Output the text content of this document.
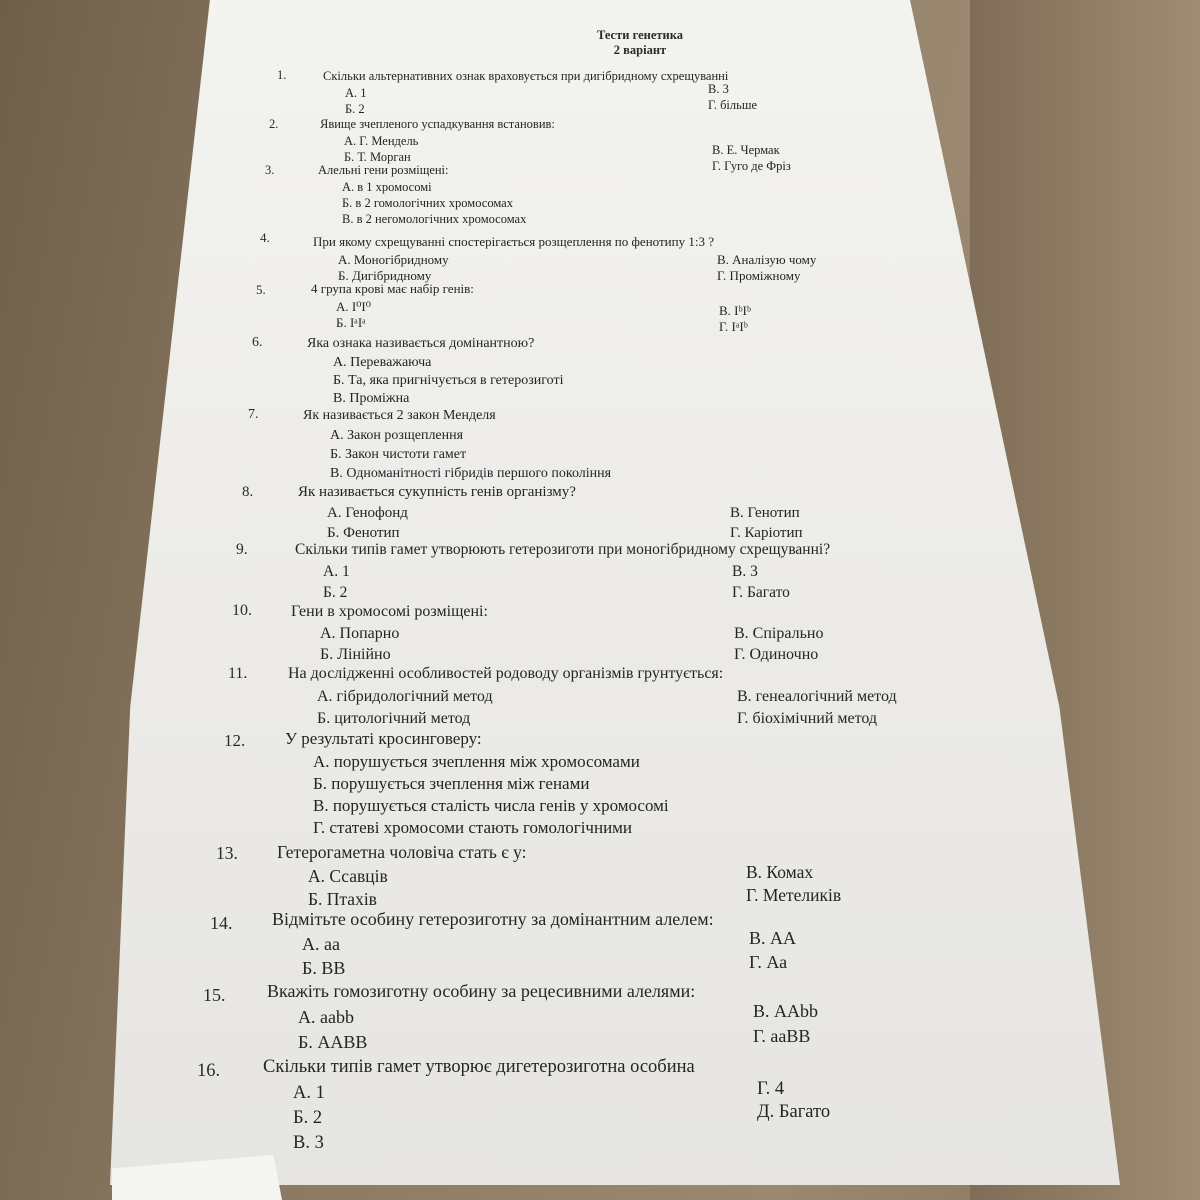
Тести генетика
2 варіант
1.	Скільки альтернативних ознак враховується при дигібридному схрещуванні
А. 1
Б. 2
В. 3
Г. більше
2.	Явище зчепленого успадкування встановив:
А. Г. Мендель
Б. Т. Морган	В. Е. Чермак
Г. Гуго де Фріз
3.	Алельні гени розміщені:
А. в 1 хромосомі
Б. в 2 гомологічних хромосомах
В. в 2 негомологічних хромосомах
4.	При якому схрещуванні спостерігається розщеплення по фенотипу 1:3 ?
А. Моногібридному
Б. Дигібридному
В. Аналізую чому
Г. Проміжному
5.	4 група крові має набір генів:
А. I⁰I⁰
Б. IᵃIᵃ
В. IᵇIᵇ
Г. IᵃIᵇ
6.	Яка ознака називається домінантною?
А. Переважаюча
Б. Та, яка пригнічується в гетерозиготі
В. Проміжна
7.	Як називається 2 закон Менделя
А. Закон розщеплення
Б. Закон чистоти гамет
В. Одноманітності гібридів першого покоління
8.	Як називається сукупність генів організму?
А. Генофонд
Б. Фенотип
В. Генотип
Г. Каріотип
9.	Скільки типів гамет утворюють гетерозиготи при моногібридному схрещуванні?
А. 1
Б. 2
В. 3
Г. Багато
10. Гени в хромосомі розміщені:
А. Попарно
Б. Лінійно
В. Спірально
Г. Одиночно
11.	На дослідженні особливостей родоводу організмів грунтується:
А. гібридологічний метод
Б. цитологічний метод
В. генеалогічний метод
Г. біохімічний метод
12. У результаті кросинговеру:
А. порушується зчеплення між хромосомами
Б. порушується зчеплення між генами
В. порушується сталість числа генів у хромосомі
Г. статеві хромосоми стають гомологічними
13. Гетерогаметна чоловіча стать є у:
А. Ссавців
Б. Птахів
В. Комах
Г. Метеликів
14. Відмітьте особину гетерозиготну за домінантним алелем:
А. аа
Б. ВВ
В. АА
Г. Аа
15. Вкажіть гомозиготну особину за рецесивними алелями:
А. aabb
Б. AABB
В. AAbb
Г. aaBB
16. Скільки типів гамет утворює дигетерозиготна особина
А. 1
Б. 2
В. 3
Г. 4
Д. Багато
